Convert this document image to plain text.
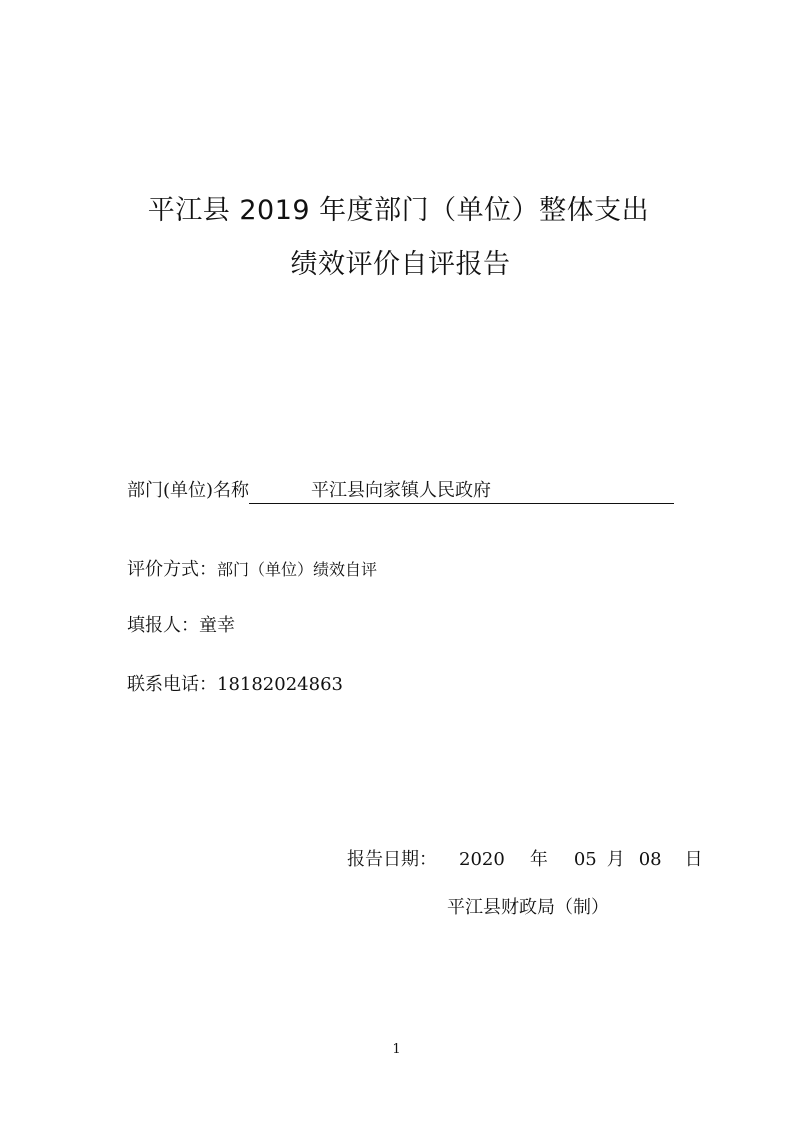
平江县 2019 年度部门（单位）整体支出
绩效评价自评报告
部门(单位)名称	平江县向家镇人民政府
评价方式：部门（单位）绩效自评
填报人：童幸
联系电话：18182024863
报告日期： 2020 年 05 月 08 日
平江县财政局（制）
1
